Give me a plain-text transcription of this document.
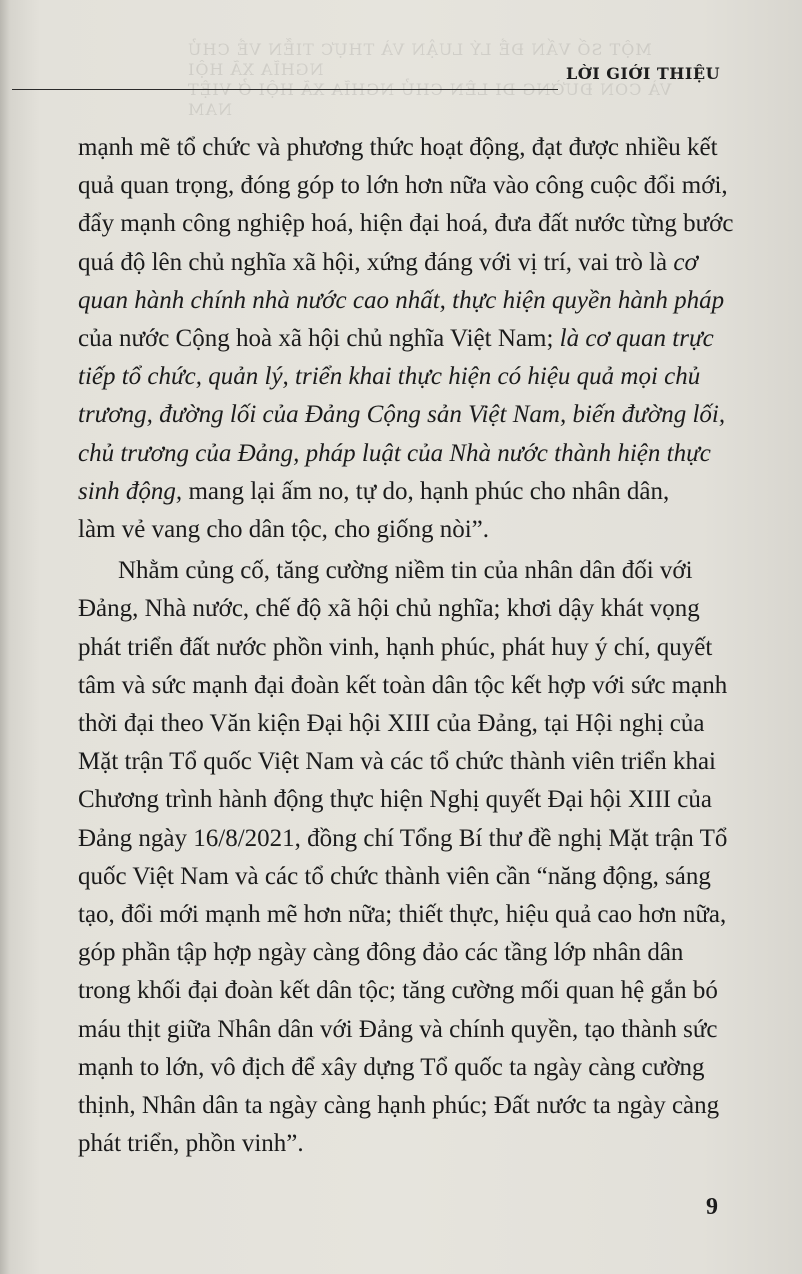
MỘT SỐ VẤN ĐỀ LÝ LUẬN VÀ THỰC TIỄN VỀ CHỦ NGHĨA XÃ HỘI
VÀ CON ĐƯỜNG ĐI LÊN CHỦ NGHĨA XÃ HỘI Ở VIỆT NAM
LỜI GIỚI THIỆU
mạnh mẽ tổ chức và phương thức hoạt động, đạt được nhiều kết
quả quan trọng, đóng góp to lớn hơn nữa vào công cuộc đổi mới,
đẩy mạnh công nghiệp hoá, hiện đại hoá, đưa đất nước từng bước
quá độ lên chủ nghĩa xã hội, xứng đáng với vị trí, vai trò là cơ
quan hành chính nhà nước cao nhất, thực hiện quyền hành pháp
của nước Cộng hoà xã hội chủ nghĩa Việt Nam; là cơ quan trực
tiếp tổ chức, quản lý, triển khai thực hiện có hiệu quả mọi chủ
trương, đường lối của Đảng Cộng sản Việt Nam, biến đường lối,
chủ trương của Đảng, pháp luật của Nhà nước thành hiện thực
sinh động, mang lại ấm no, tự do, hạnh phúc cho nhân dân,
làm vẻ vang cho dân tộc, cho giống nòi”.
Nhằm củng cố, tăng cường niềm tin của nhân dân đối với
Đảng, Nhà nước, chế độ xã hội chủ nghĩa; khơi dậy khát vọng
phát triển đất nước phồn vinh, hạnh phúc, phát huy ý chí, quyết
tâm và sức mạnh đại đoàn kết toàn dân tộc kết hợp với sức mạnh
thời đại theo Văn kiện Đại hội XIII của Đảng, tại Hội nghị của
Mặt trận Tổ quốc Việt Nam và các tổ chức thành viên triển khai
Chương trình hành động thực hiện Nghị quyết Đại hội XIII của
Đảng ngày 16/8/2021, đồng chí Tổng Bí thư đề nghị Mặt trận Tổ
quốc Việt Nam và các tổ chức thành viên cần “năng động, sáng
tạo, đổi mới mạnh mẽ hơn nữa; thiết thực, hiệu quả cao hơn nữa,
góp phần tập hợp ngày càng đông đảo các tầng lớp nhân dân
trong khối đại đoàn kết dân tộc; tăng cường mối quan hệ gắn bó
máu thịt giữa Nhân dân với Đảng và chính quyền, tạo thành sức
mạnh to lớn, vô địch để xây dựng Tổ quốc ta ngày càng cường
thịnh, Nhân dân ta ngày càng hạnh phúc; Đất nước ta ngày càng
phát triển, phồn vinh”.
9
